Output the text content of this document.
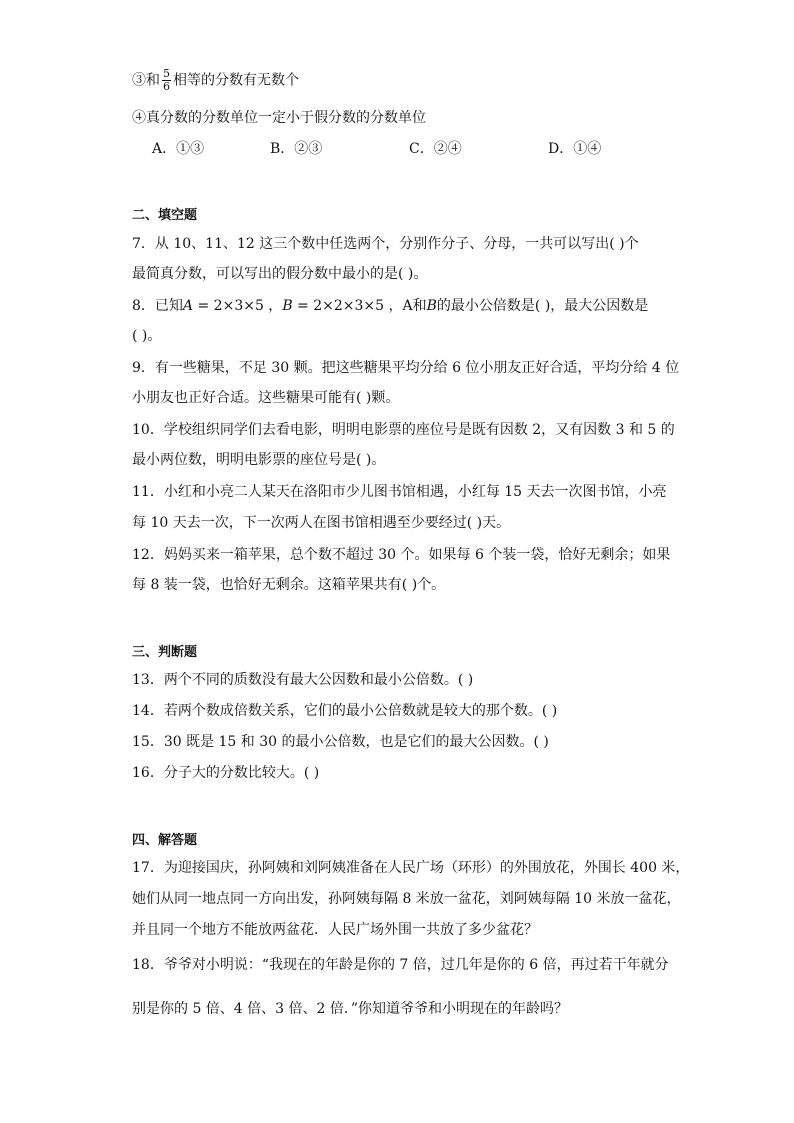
③和 $\frac{5}{6}$ 相等的分数有无数个
④真分数的分数单位一定小于假分数的分数单位
A．①③	B．②③	C．②④	D．①④
二、填空题
7．从 10、11、12 这三个数中任选两个，分别作分子、分母，一共可以写出( )个
最简真分数，可以写出的假分数中最小的是( )。
8．已知A = 2×3×5 ，B = 2×2×3×5 ，A和B的最小公倍数是( )，最大公因数是
( )。
9．有一些糖果，不足 30 颗。把这些糖果平均分给 6 位小朋友正好合适，平均分给 4 位
小朋友也正好合适。这些糖果可能有( )颗。
10．学校组织同学们去看电影，明明电影票的座位号是既有因数 2，又有因数 3 和 5 的
最小两位数，明明电影票的座位号是( )。
11．小红和小亮二人某天在洛阳市少儿图书馆相遇，小红每 15 天去一次图书馆，小亮
每 10 天去一次，下一次两人在图书馆相遇至少要经过( )天。
12．妈妈买来一箱苹果，总个数不超过 30 个。如果每 6 个装一袋，恰好无剩余；如果
每 8 装一袋，也恰好无剩余。这箱苹果共有( )个。
三、判断题
13．两个不同的质数没有最大公因数和最小公倍数。( )
14．若两个数成倍数关系，它们的最小公倍数就是较大的那个数。( )
15．30 既是 15 和 30 的最小公倍数，也是它们的最大公因数。( )
16．分子大的分数比较大。( )
四、解答题
17．为迎接国庆，孙阿姨和刘阿姨准备在人民广场（环形）的外围放花，外围长 400 米，
她们从同一地点同一方向出发，孙阿姨每隔 8 米放一盆花，刘阿姨每隔 10 米放一盆花，
并且同一个地方不能放两盆花．人民广场外围一共放了多少盆花？
18．爷爷对小明说：“我现在的年龄是你的 7 倍，过几年是你的 6 倍，再过若干年就分
别是你的 5 倍、4 倍、3 倍、2 倍．”你知道爷爷和小明现在的年龄吗？
